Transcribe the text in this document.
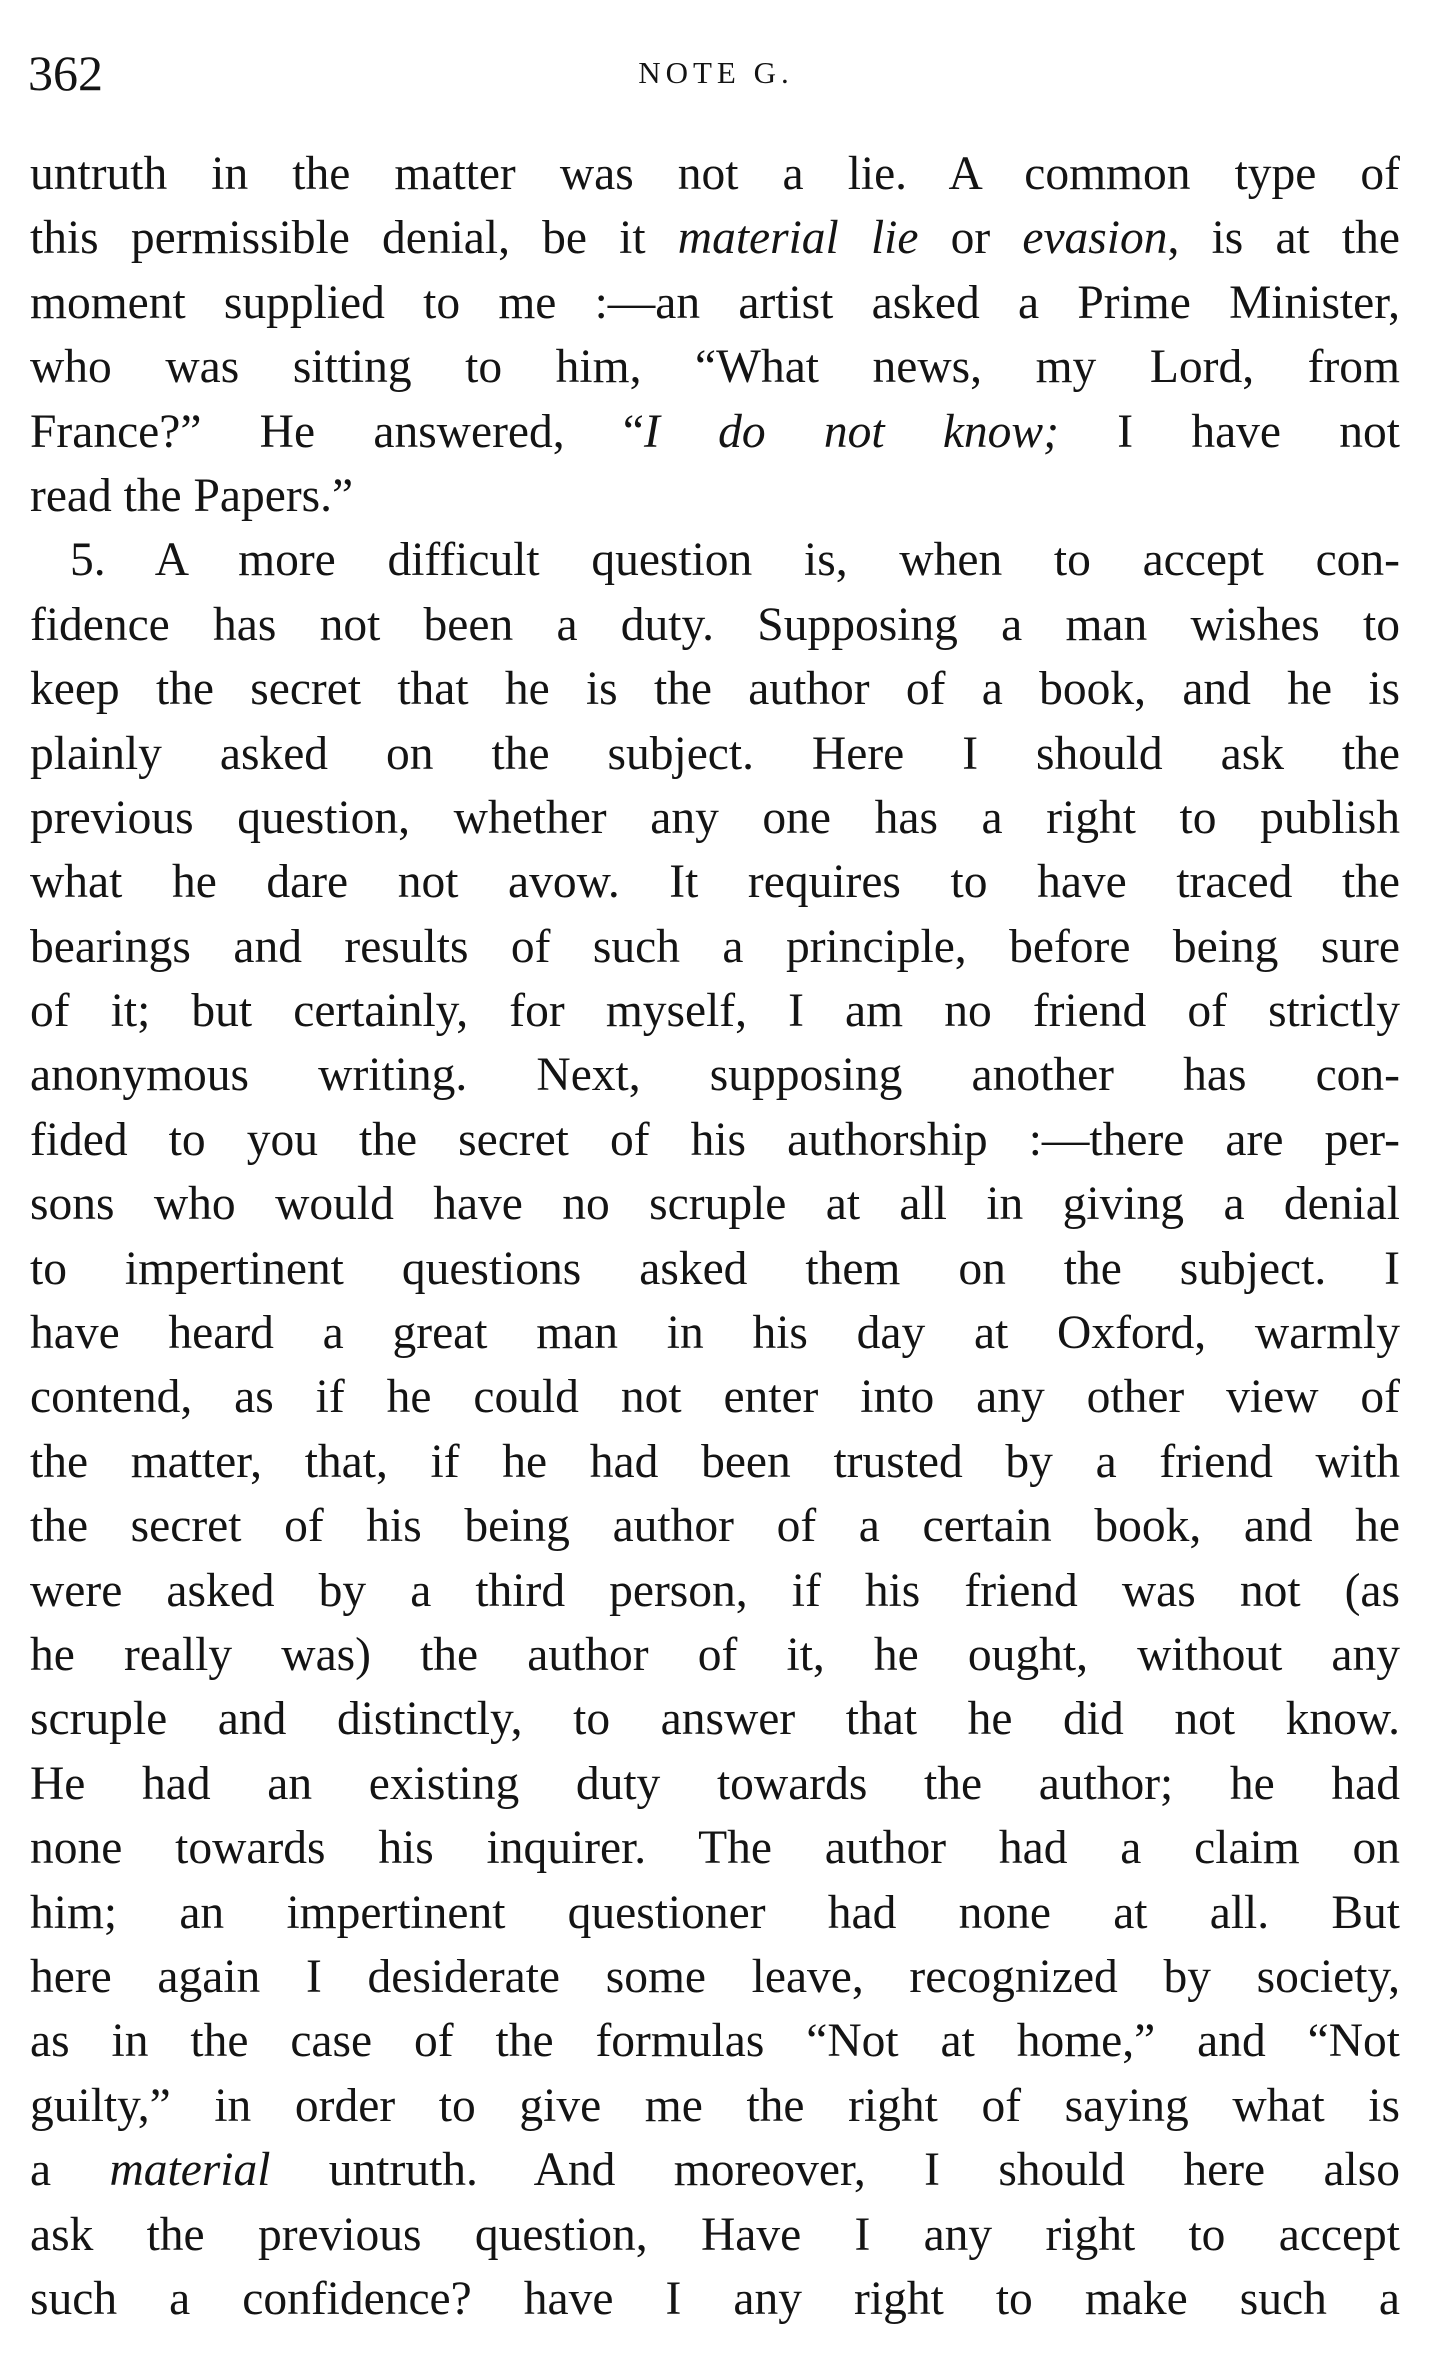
362	NOTE G.
untruth in the matter was not a lie. A common type of
this permissible denial, be it material lie or evasion, is at the
moment supplied to me :—an artist asked a Prime Minister,
who was sitting to him, “What news, my Lord, from
France?” He answered, “I do not know; I have not
read the Papers.”
5. A more difficult question is, when to accept con-
fidence has not been a duty. Supposing a man wishes to
keep the secret that he is the author of a book, and he is
plainly asked on the subject. Here I should ask the
previous question, whether any one has a right to publish
what he dare not avow. It requires to have traced the
bearings and results of such a principle, before being sure
of it; but certainly, for myself, I am no friend of strictly
anonymous writing. Next, supposing another has con-
fided to you the secret of his authorship :—there are per-
sons who would have no scruple at all in giving a denial
to impertinent questions asked them on the subject. I
have heard a great man in his day at Oxford, warmly
contend, as if he could not enter into any other view of
the matter, that, if he had been trusted by a friend with
the secret of his being author of a certain book, and he
were asked by a third person, if his friend was not (as
he really was) the author of it, he ought, without any
scruple and distinctly, to answer that he did not know.
He had an existing duty towards the author; he had
none towards his inquirer. The author had a claim on
him; an impertinent questioner had none at all. But
here again I desiderate some leave, recognized by society,
as in the case of the formulas “Not at home,” and “Not
guilty,” in order to give me the right of saying what is
a material untruth. And moreover, I should here also
ask the previous question, Have I any right to accept
such a confidence? have I any right to make such a
